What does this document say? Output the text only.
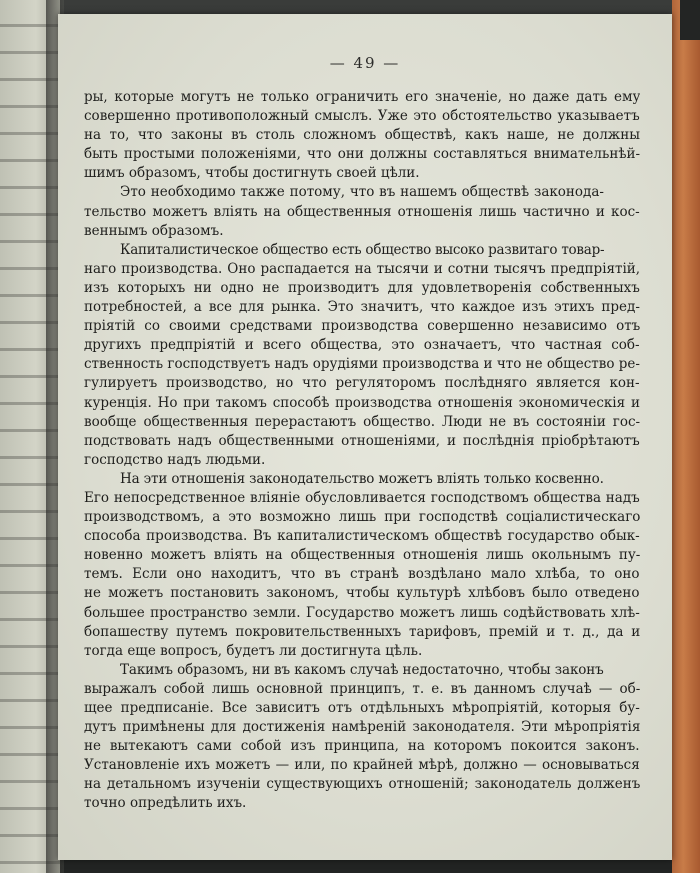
— 49 —
ры, которые могутъ не только ограничить его значеніе, но даже дать ему
совершенно противоположный смыслъ. Уже это обстоятельство указываетъ
на то, что законы въ столь сложномъ обществѣ, какъ наше, не должны
быть простыми положеніями, что они должны составляться внимательнѣй-
шимъ образомъ, чтобы достигнуть своей цѣли.
Это необходимо также потому, что въ нашемъ обществѣ законода-
тельство можетъ вліять на общественныя отношенія лишь частично и кос-
веннымъ образомъ.
Капиталистическое общество есть общество высоко развитаго товар-
наго производства. Оно распадается на тысячи и сотни тысячъ предпріятій,
изъ которыхъ ни одно не производитъ для удовлетворенія собственныхъ
потребностей, а все для рынка. Это значитъ, что каждое изъ этихъ пред-
пріятій со своими средствами производства совершенно независимо отъ
другихъ предпріятій и всего общества, это означаетъ, что частная соб-
ственность господствуетъ надъ орудіями производства и что не общество ре-
гулируетъ производство, но что регуляторомъ послѣдняго является кон-
куренція. Но при такомъ способѣ производства отношенія экономическія и
вообще общественныя перерастаютъ общество. Люди не въ состояніи гос-
подствовать надъ общественными отношеніями, и послѣднія пріобрѣтаютъ
господство надъ людьми.
На эти отношенія законодательство можетъ вліять только косвенно.
Его непосредственное вліяніе обусловливается господствомъ общества надъ
производствомъ, а это возможно лишь при господствѣ соціалистическаго
способа производства. Въ капиталистическомъ обществѣ государство обык-
новенно можетъ вліять на общественныя отношенія лишь окольнымъ пу-
темъ. Если оно находитъ, что въ странѣ воздѣлано мало хлѣба, то оно
не можетъ постановить закономъ, чтобы культурѣ хлѣбовъ было отведено
большее пространство земли. Государство можетъ лишь содѣйствовать хлѣ-
бопашеству путемъ покровительственныхъ тарифовъ, премій и т. д., да и
тогда еще вопросъ, будетъ ли достигнута цѣль.
Такимъ образомъ, ни въ какомъ случаѣ недостаточно, чтобы законъ
выражалъ собой лишь основной принципъ, т. е. въ данномъ случаѣ — об-
щее предписаніе. Все зависитъ отъ отдѣльныхъ мѣропріятій, которыя бу-
дутъ примѣнены для достиженія намѣреній законодателя. Эти мѣропріятія
не вытекаютъ сами собой изъ принципа, на которомъ покоится законъ.
Установленіе ихъ можетъ — или, по крайней мѣрѣ, должно — основываться
на детальномъ изученіи существующихъ отношеній; законодатель долженъ
точно опредѣлить ихъ.
